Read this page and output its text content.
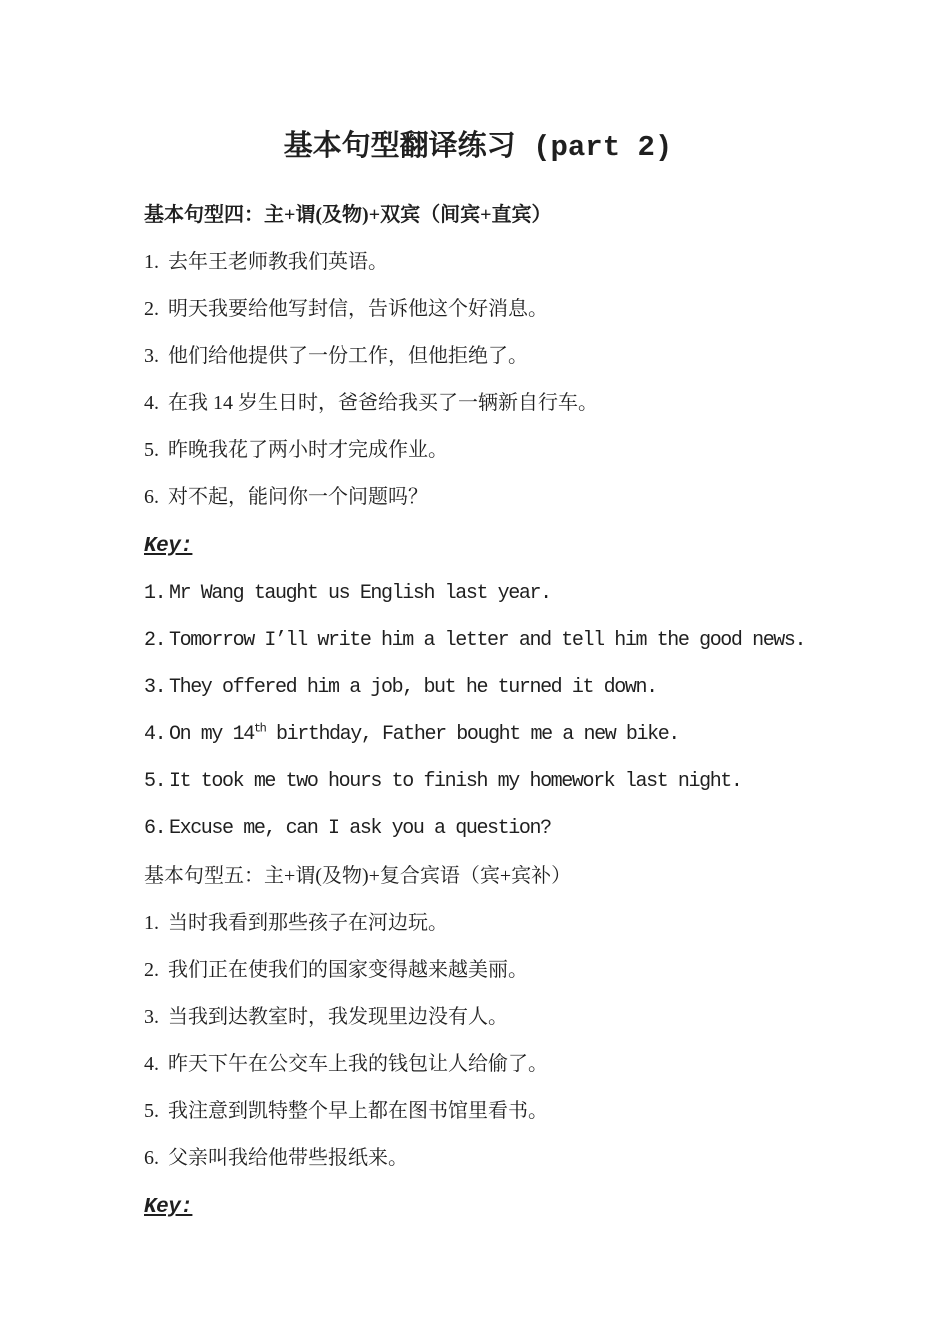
基本句型翻译练习 (part 2)

基本句型四：主+谓(及物)+双宾（间宾+直宾）

1. 去年王老师教我们英语。
2. 明天我要给他写封信，告诉他这个好消息。
3. 他们给他提供了一份工作，但他拒绝了。
4. 在我 14 岁生日时，爸爸给我买了一辆新自行车。
5. 昨晚我花了两小时才完成作业。
6. 对不起，能问你一个问题吗？

Key:

1. Mr Wang taught us English last year.
2. Tomorrow I’ll write him a letter and tell him the good news.
3. They offered him a job, but he turned it down.
4. On my 14th birthday, Father bought me a new bike.
5. It took me two hours to finish my homework last night.
6. Excuse me, can I ask you a question?

基本句型五：主+谓(及物)+复合宾语（宾+宾补）

1. 当时我看到那些孩子在河边玩。
2. 我们正在使我们的国家变得越来越美丽。
3. 当我到达教室时，我发现里边没有人。
4. 昨天下午在公交车上我的钱包让人给偷了。
5. 我注意到凯特整个早上都在图书馆里看书。
6. 父亲叫我给他带些报纸来。

Key:
